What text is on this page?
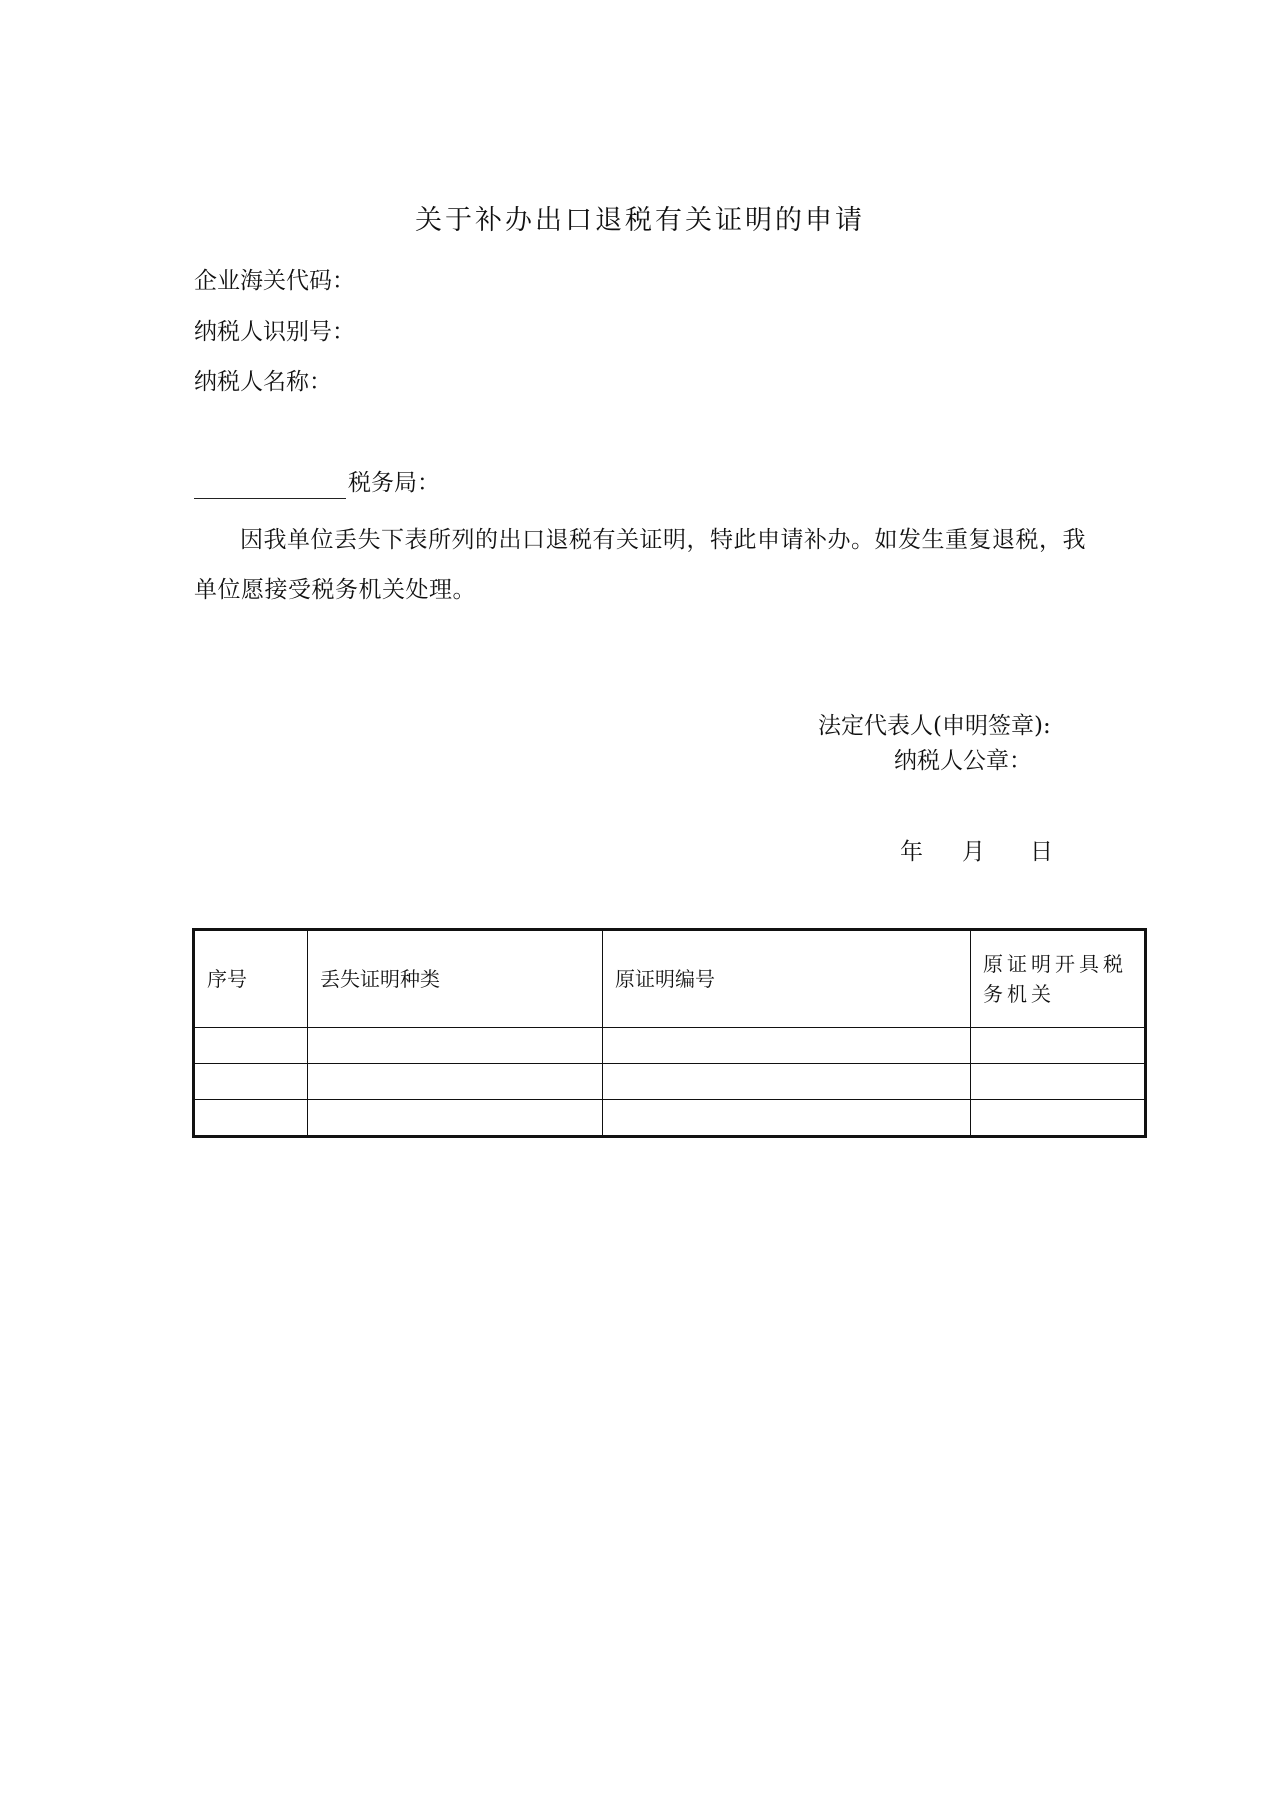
关于补办出口退税有关证明的申请
企业海关代码：
纳税人识别号：
纳税人名称：
税务局：
因我单位丢失下表所列的出口退税有关证明，特此申请补办。如发生重复退税，我单位愿接受税务机关处理。
法定代表人(申明签章):
纳税人公章：
年 月 日
序号	丢失证明种类	原证明编号	原证明开具税务机关
